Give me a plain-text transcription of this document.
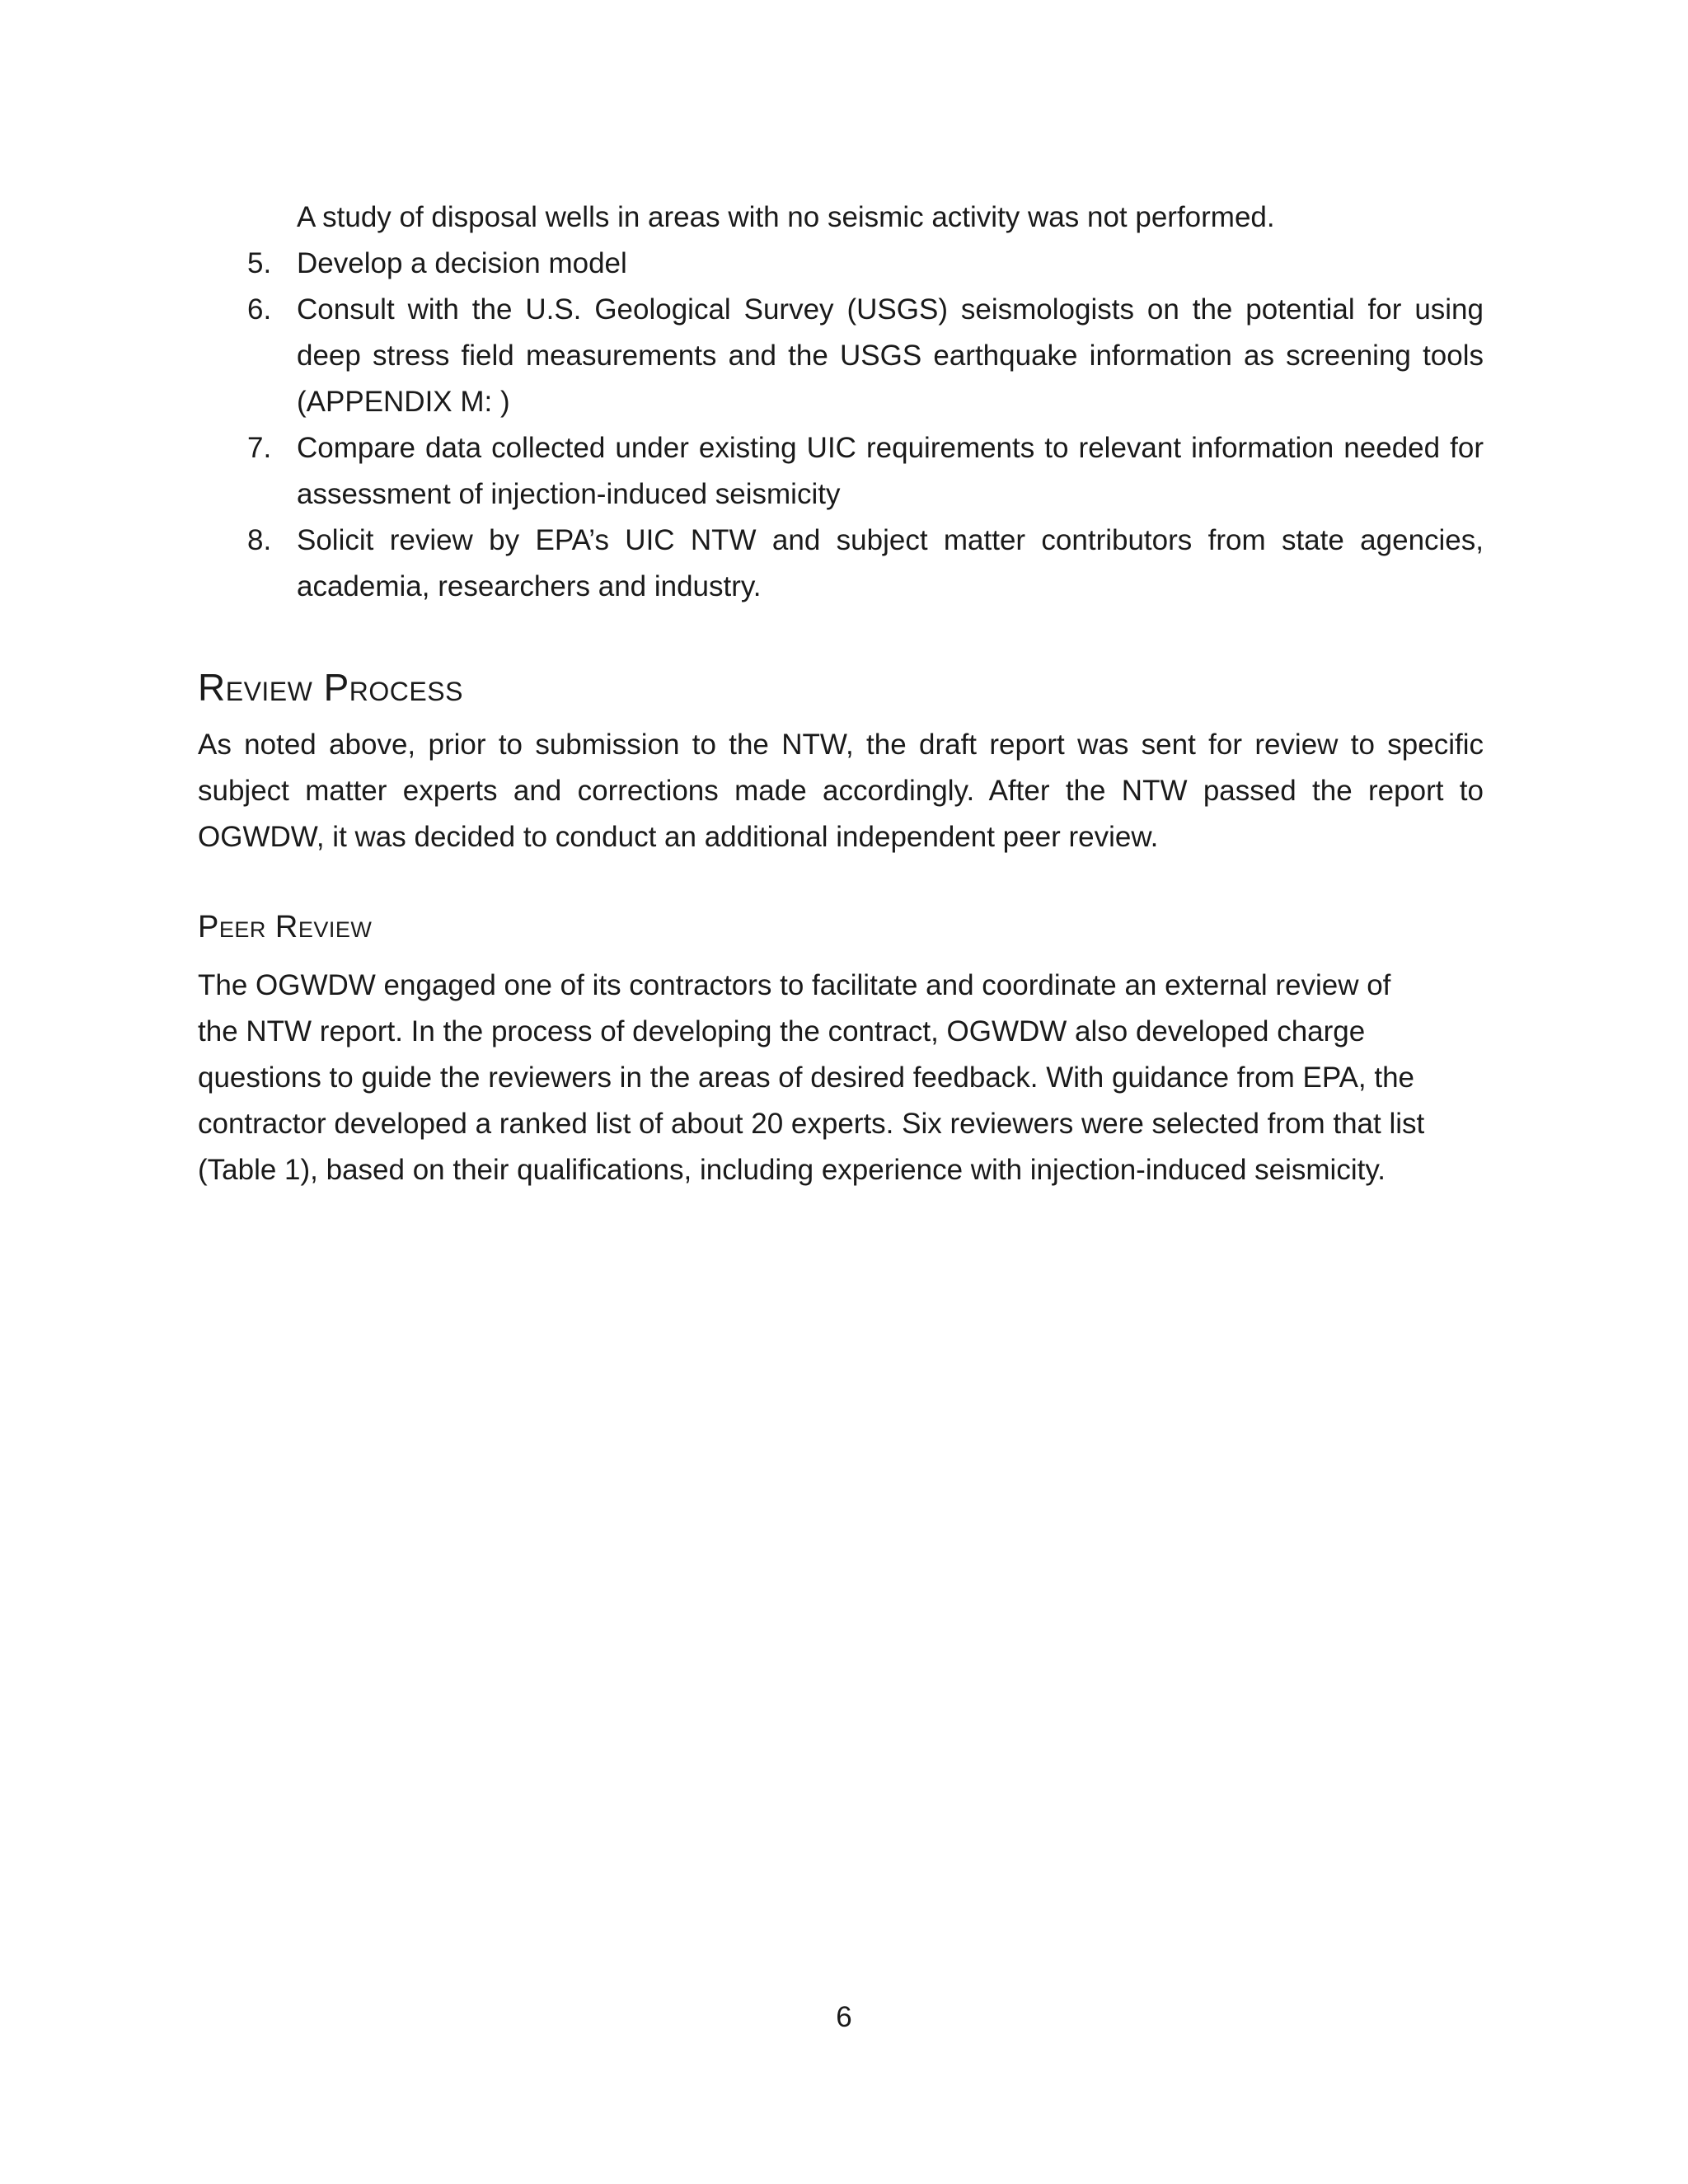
A study of disposal wells in areas with no seismic activity was not performed.

5. Develop a decision model
6. Consult with the U.S. Geological Survey (USGS) seismologists on the potential for using deep stress field measurements and the USGS earthquake information as screening tools (APPENDIX M: )
7. Compare data collected under existing UIC requirements to relevant information needed for assessment of injection-induced seismicity
8. Solicit review by EPA’s UIC NTW and subject matter contributors from state agencies, academia, researchers and industry.
Review Process

As noted above, prior to submission to the NTW, the draft report was sent for review to specific subject matter experts and corrections made accordingly. After the NTW passed the report to OGWDW, it was decided to conduct an additional independent peer review.

Peer Review

The OGWDW engaged one of its contractors to facilitate and coordinate an external review of the NTW report. In the process of developing the contract, OGWDW also developed charge questions to guide the reviewers in the areas of desired feedback. With guidance from EPA, the contractor developed a ranked list of about 20 experts. Six reviewers were selected from that list (Table 1), based on their qualifications, including experience with injection-induced seismicity.

6
